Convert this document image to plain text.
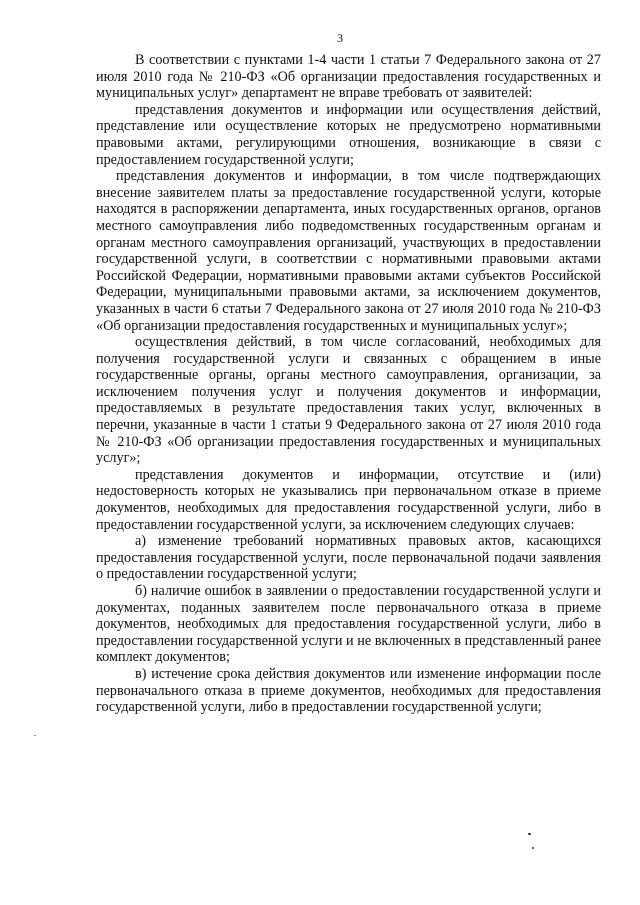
3

В соответствии с пунктами 1-4 части 1 статьи 7 Федерального закона от 27 июля 2010 года № 210-ФЗ «Об организации предоставления государственных и муниципальных услуг» департамент не вправе требовать от заявителей:

представления документов и информации или осуществления действий, представление или осуществление которых не предусмотрено нормативными правовыми актами, регулирующими отношения, возникающие в связи с предоставлением государственной услуги;

представления документов и информации, в том числе подтверждающих внесение заявителем платы за предоставление государственной услуги, которые находятся в распоряжении департамента, иных государственных органов, органов местного самоуправления либо подведомственных государственным органам и органам местного самоуправления организаций, участвующих в предоставлении государственной услуги, в соответствии с нормативными правовыми актами Российской Федерации, нормативными правовыми актами субъектов Российской Федерации, муниципальными правовыми актами, за исключением документов, указанных в части 6 статьи 7 Федерального закона от 27 июля 2010 года № 210-ФЗ «Об организации предоставления государственных и муниципальных услуг»;

осуществления действий, в том числе согласований, необходимых для получения государственной услуги и связанных с обращением в иные государственные органы, органы местного самоуправления, организации, за исключением получения услуг и получения документов и информации, предоставляемых в результате предоставления таких услуг, включенных в перечни, указанные в части 1 статьи 9 Федерального закона от 27 июля 2010 года № 210-ФЗ «Об организации предоставления государственных и муниципальных услуг»;

представления документов и информации, отсутствие и (или) недостоверность которых не указывались при первоначальном отказе в приеме документов, необходимых для предоставления государственной услуги, либо в предоставлении государственной услуги, за исключением следующих случаев:

а) изменение требований нормативных правовых актов, касающихся предоставления государственной услуги, после первоначальной подачи заявления о предоставлении государственной услуги;

б) наличие ошибок в заявлении о предоставлении государственной услуги и документах, поданных заявителем после первоначального отказа в приеме документов, необходимых для предоставления государственной услуги, либо в предоставлении государственной услуги и не включенных в представленный ранее комплект документов;

в) истечение срока действия документов или изменение информации после первоначального отказа в приеме документов, необходимых для предоставления государственной услуги, либо в предоставлении государственной услуги;
